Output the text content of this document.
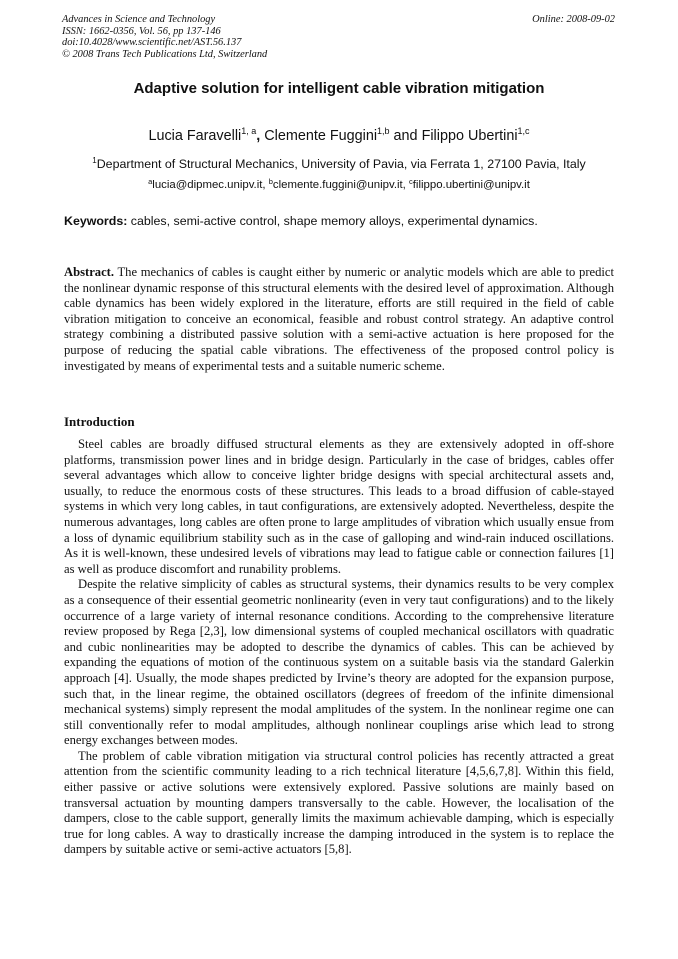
Advances in Science and Technology
ISSN: 1662-0356, Vol. 56, pp 137-146
doi:10.4028/www.scientific.net/AST.56.137
© 2008 Trans Tech Publications Ltd, Switzerland
Online: 2008-09-02
Adaptive solution for intelligent cable vibration mitigation
Lucia Faravelli$^{1, a}$, Clemente Fuggini$^{1,b}$ and Filippo Ubertini$^{1,c}$
$^1$Department of Structural Mechanics, University of Pavia, via Ferrata 1, 27100 Pavia, Italy
$^a$lucia@dipmec.unipv.it, $^b$clemente.fuggini@unipv.it, $^c$filippo.ubertini@unipv.it
Keywords: cables, semi-active control, shape memory alloys, experimental dynamics.

Abstract. The mechanics of cables is caught either by numeric or analytic models which are able to predict the nonlinear dynamic response of this structural elements with the desired level of approximation. Although cable dynamics has been widely explored in the literature, efforts are still required in the field of cable vibration mitigation to conceive an economical, feasible and robust control strategy. An adaptive control strategy combining a distributed passive solution with a semi-active actuation is here proposed for the purpose of reducing the spatial cable vibrations. The effectiveness of the proposed control policy is investigated by means of experimental tests and a suitable numeric scheme.

Introduction

Steel cables are broadly diffused structural elements as they are extensively adopted in off-shore platforms, transmission power lines and in bridge design. Particularly in the case of bridges, cables offer several advantages which allow to conceive lighter bridge designs with special architectural assets and, usually, to reduce the enormous costs of these structures. This leads to a broad diffusion of cable-stayed systems in which very long cables, in taut configurations, are extensively adopted. Nevertheless, despite the numerous advantages, long cables are often prone to large amplitudes of vibration which usually ensue from a loss of dynamic equilibrium stability such as in the case of galloping and wind-rain induced oscillations. As it is well-known, these undesired levels of vibrations may lead to fatigue cable or connection failures [1] as well as produce discomfort and runability problems.

Despite the relative simplicity of cables as structural systems, their dynamics results to be very complex as a consequence of their essential geometric nonlinearity (even in very taut configurations) and to the likely occurrence of a large variety of internal resonance conditions. According to the comprehensive literature review proposed by Rega [2,3], low dimensional systems of coupled mechanical oscillators with quadratic and cubic nonlinearities may be adopted to describe the dynamics of cables. This can be achieved by expanding the equations of motion of the continuous system on a suitable basis via the standard Galerkin approach [4]. Usually, the mode shapes predicted by Irvine’s theory are adopted for the expansion purpose, such that, in the linear regime, the obtained oscillators (degrees of freedom of the infinite dimensional mechanical systems) simply represent the modal amplitudes of the system. In the nonlinear regime one can still conventionally refer to modal amplitudes, although nonlinear couplings arise which lead to strong energy exchanges between modes.

The problem of cable vibration mitigation via structural control policies has recently attracted a great attention from the scientific community leading to a rich technical literature [4,5,6,7,8]. Within this field, either passive or active solutions were extensively explored. Passive solutions are mainly based on transversal actuation by mounting dampers transversally to the cable. However, the localisation of the dampers, close to the cable support, generally limits the maximum achievable damping, which is especially true for long cables. A way to drastically increase the damping introduced in the system is to replace the dampers by suitable active or semi-active actuators [5,8].
